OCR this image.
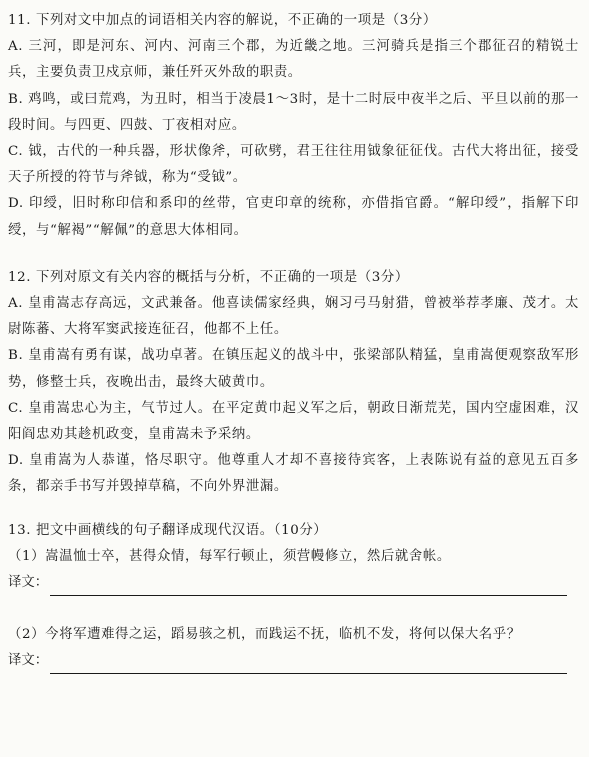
11. 下列对文中加点的词语相关内容的解说，不正确的一项是（3分）

A. 三河，即是河东、河内、河南三个郡，为近畿之地。三河骑兵是指三个郡征召的精锐士兵，主要负责卫戍京师，兼任歼灭外敌的职责。

B. 鸡鸣，或曰荒鸡，为丑时，相当于凌晨1～3时，是十二时辰中夜半之后、平旦以前的那一段时间。与四更、四鼓、丁夜相对应。

C. 钺，古代的一种兵器，形状像斧，可砍劈，君王往往用钺象征征伐。古代大将出征，接受天子所授的符节与斧钺，称为“受钺”。

D. 印绶，旧时称印信和系印的丝带，官吏印章的统称，亦借指官爵。“解印绶”，指解下印绶，与“解褐”“解佩”的意思大体相同。

12. 下列对原文有关内容的概括与分析，不正确的一项是（3分）

A. 皇甫嵩志存高远，文武兼备。他喜读儒家经典，娴习弓马射猎，曾被举荐孝廉、茂才。太尉陈蕃、大将军窦武接连征召，他都不上任。

B. 皇甫嵩有勇有谋，战功卓著。在镇压起义的战斗中，张梁部队精猛，皇甫嵩便观察敌军形势，修整士兵，夜晚出击，最终大破黄巾。

C. 皇甫嵩忠心为主，气节过人。在平定黄巾起义军之后，朝政日渐荒芜，国内空虚困难，汉阳阎忠劝其趁机政变，皇甫嵩未予采纳。

D. 皇甫嵩为人恭谨，恪尽职守。他尊重人才却不喜接待宾客，上表陈说有益的意见五百多条，都亲手书写并毁掉草稿，不向外界泄漏。

13. 把文中画横线的句子翻译成现代汉语。（10分）

（1）嵩温恤士卒，甚得众情，每军行顿止，须营幔修立，然后就舍帐。

译文：

（2）今将军遭难得之运，蹈易骇之机，而践运不抚，临机不发，将何以保大名乎？

译文：
